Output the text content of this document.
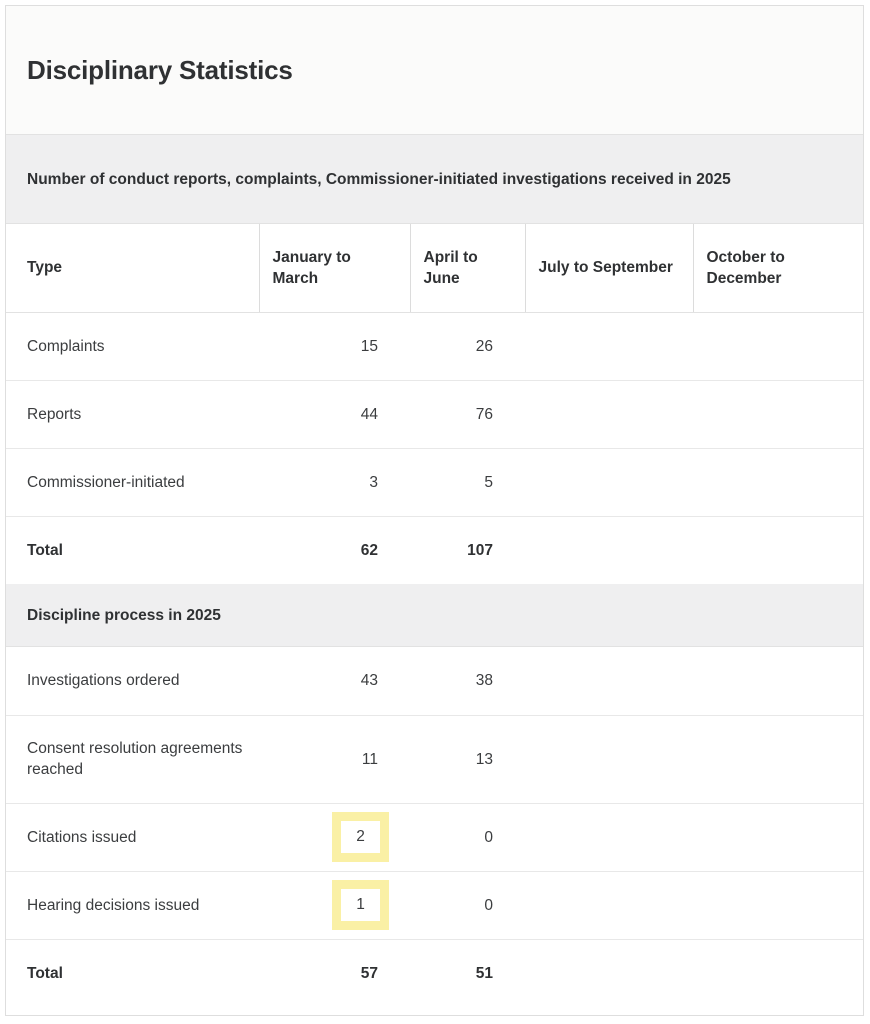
Disciplinary Statistics
Number of conduct reports, complaints, Commissioner-initiated investigations received in 2025
Type	January to March	April to June	July to September	October to December
Complaints	15	26		
Reports	44	76		
Commissioner-initiated	3	5		
Total	62	107		
Discipline process in 2025
Investigations ordered	43	38		
Consent resolution agreements reached	11	13		
Citations issued	2	0		
Hearing decisions issued	1	0		
Total	57	51		
